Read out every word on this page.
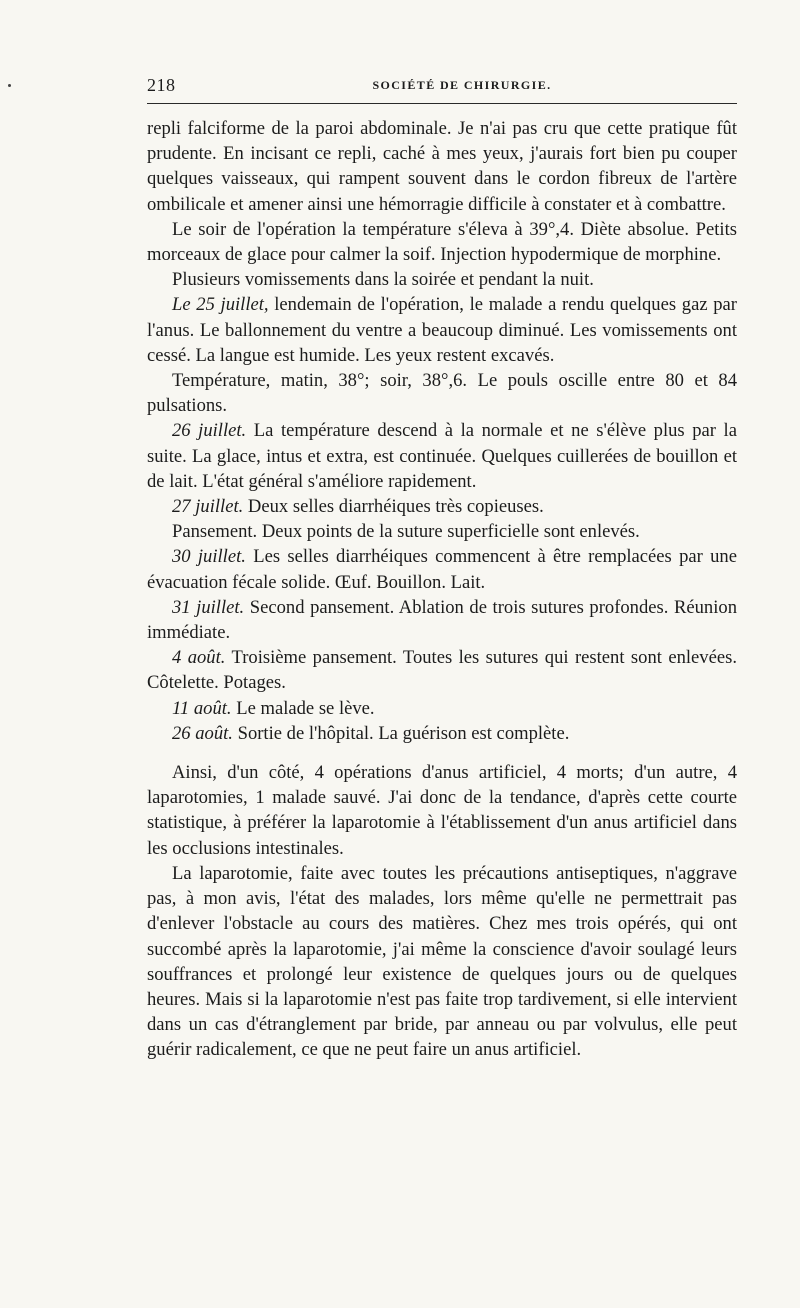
218	SOCIÉTÉ DE CHIRURGIE.

repli falciforme de la paroi abdominale. Je n'ai pas cru que cette pratique fût prudente. En incisant ce repli, caché à mes yeux, j'aurais fort bien pu couper quelques vaisseaux, qui rampent souvent dans le cordon fibreux de l'artère ombilicale et amener ainsi une hémorragie difficile à constater et à combattre.

Le soir de l'opération la température s'éleva à 39°,4. Diète absolue. Petits morceaux de glace pour calmer la soif. Injection hypodermique de morphine.

Plusieurs vomissements dans la soirée et pendant la nuit.

Le 25 juillet, lendemain de l'opération, le malade a rendu quelques gaz par l'anus. Le ballonnement du ventre a beaucoup diminué. Les vomissements ont cessé. La langue est humide. Les yeux restent excavés.

Température, matin, 38°; soir, 38°,6. Le pouls oscille entre 80 et 84 pulsations.

26 juillet. La température descend à la normale et ne s'élève plus par la suite. La glace, intus et extra, est continuée. Quelques cuillerées de bouillon et de lait. L'état général s'améliore rapidement.

27 juillet. Deux selles diarrhéiques très copieuses.

Pansement. Deux points de la suture superficielle sont enlevés.

30 juillet. Les selles diarrhéiques commencent à être remplacées par une évacuation fécale solide. Œuf. Bouillon. Lait.

31 juillet. Second pansement. Ablation de trois sutures profondes. Réunion immédiate.

4 août. Troisième pansement. Toutes les sutures qui restent sont enlevées. Côtelette. Potages.

11 août. Le malade se lève.

26 août. Sortie de l'hôpital. La guérison est complète.

Ainsi, d'un côté, 4 opérations d'anus artificiel, 4 morts; d'un autre, 4 laparotomies, 1 malade sauvé. J'ai donc de la tendance, d'après cette courte statistique, à préférer la laparotomie à l'établissement d'un anus artificiel dans les occlusions intestinales.

La laparotomie, faite avec toutes les précautions antiseptiques, n'aggrave pas, à mon avis, l'état des malades, lors même qu'elle ne permettrait pas d'enlever l'obstacle au cours des matières. Chez mes trois opérés, qui ont succombé après la laparotomie, j'ai même la conscience d'avoir soulagé leurs souffrances et prolongé leur existence de quelques jours ou de quelques heures. Mais si la laparotomie n'est pas faite trop tardivement, si elle intervient dans un cas d'étranglement par bride, par anneau ou par volvulus, elle peut guérir radicalement, ce que ne peut faire un anus artificiel.
